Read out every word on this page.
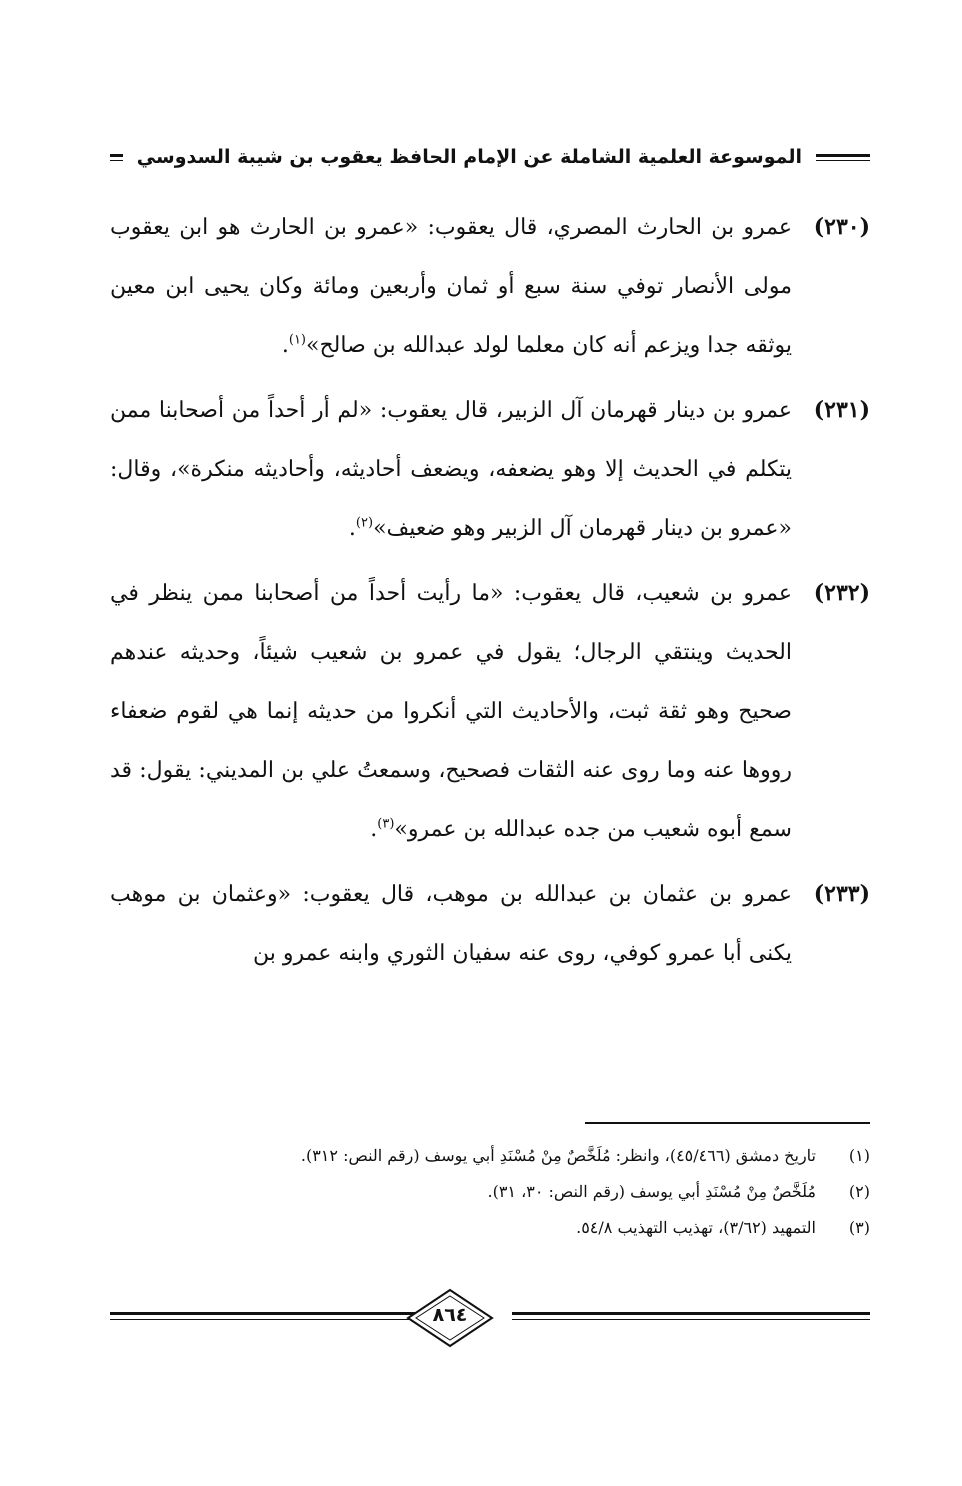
الموسوعة العلمية الشاملة عن الإمام الحافظ يعقوب بن شيبة السدوسي
(٢٣٠)
عمرو بن الحارث المصري، قال يعقوب: «عمرو بن الحارث هو ابن يعقوب مولى الأنصار توفي سنة سبع أو ثمان وأربعين ومائة وكان يحيى ابن معين يوثقه جدا ويزعم أنه كان معلما لولد عبدالله بن صالح»$^{(١)}$.
(٢٣١)
عمرو بن دينار قهرمان آل الزبير، قال يعقوب: «لم أر أحداً من أصحابنا ممن يتكلم في الحديث إلا وهو يضعفه، ويضعف أحاديثه، وأحاديثه منكرة»، وقال: «عمرو بن دينار قهرمان آل الزبير وهو ضعيف»$^{(٢)}$.
(٢٣٢)
عمرو بن شعيب، قال يعقوب: «ما رأيت أحداً من أصحابنا ممن ينظر في الحديث وينتقي الرجال؛ يقول في عمرو بن شعيب شيئاً، وحديثه عندهم صحيح وهو ثقة ثبت، والأحاديث التي أنكروا من حديثه إنما هي لقوم ضعفاء رووها عنه وما روى عنه الثقات فصحيح، وسمعتُ علي بن المديني: يقول: قد سمع أبوه شعيب من جده عبدالله بن عمرو»$^{(٣)}$.
(٢٣٣)
عمرو بن عثمان بن عبدالله بن موهب، قال يعقوب: «وعثمان بن موهب يكنى أبا عمرو كوفي، روى عنه سفيان الثوري وابنه عمرو بن
(١)
تاريخ دمشق (٤٥/٤٦٦)، وانظر: مُلَخَّصٌ مِنْ مُسْنَدِ أبي يوسف (رقم النص: ٣١٢).
(٢)
مُلَخَّصٌ مِنْ مُسْنَدِ أبي يوسف (رقم النص: ٣٠، ٣١).
(٣)
التمهيد (٣/٦٢)، تهذيب التهذيب ٥٤/٨.
٨٦٤
